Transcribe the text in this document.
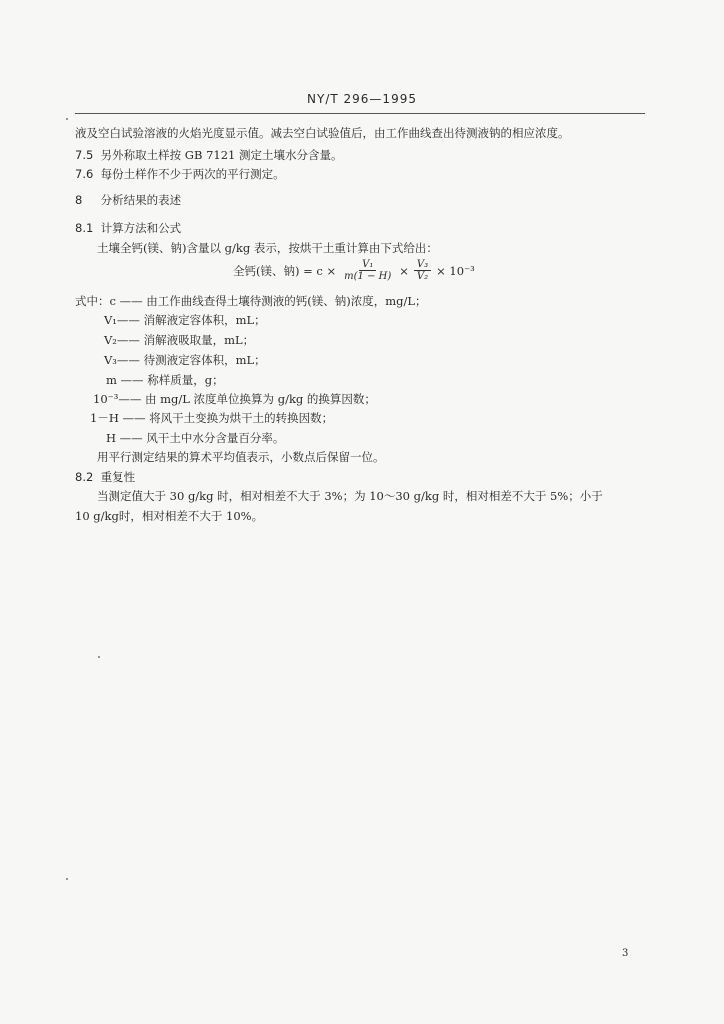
NY/T 296—1995
液及空白试验溶液的火焰光度显示值。减去空白试验值后，由工作曲线查出待测液钠的相应浓度。
7.5 另外称取土样按 GB 7121 测定土壤水分含量。
7.6 每份土样作不少于两次的平行测定。
8 分析结果的表述
8.1 计算方法和公式
土壤全钙(镁、钠)含量以 g/kg 表示，按烘干土重计算由下式给出：
全钙(镁、钠) = $c \times \frac{\text{V₁}}{m(1 - H)} \times \frac{\text{V₃}}{\text{V₂}} \times 10^{-3}$
式中：c —— 由工作曲线查得土壤待测液的钙(镁、钠)浓度，mg/L；
V₁—— 消解液定容体积，mL；
V₂—— 消解液吸取量，mL；
V₃—— 待测液定容体积，mL；
m —— 称样质量，g；
10⁻³—— 由 mg/L 浓度单位换算为 g/kg 的换算因数；
1－H —— 将风干土变换为烘干土的转换因数；
H —— 风干土中水分含量百分率。
用平行测定结果的算术平均值表示，小数点后保留一位。
8.2 重复性
当测定值大于 30 g/kg 时，相对相差不大于 3%；为 10～30 g/kg 时，相对相差不大于 5%；小于
10 g/kg时，相对相差不大于 10%。
3
